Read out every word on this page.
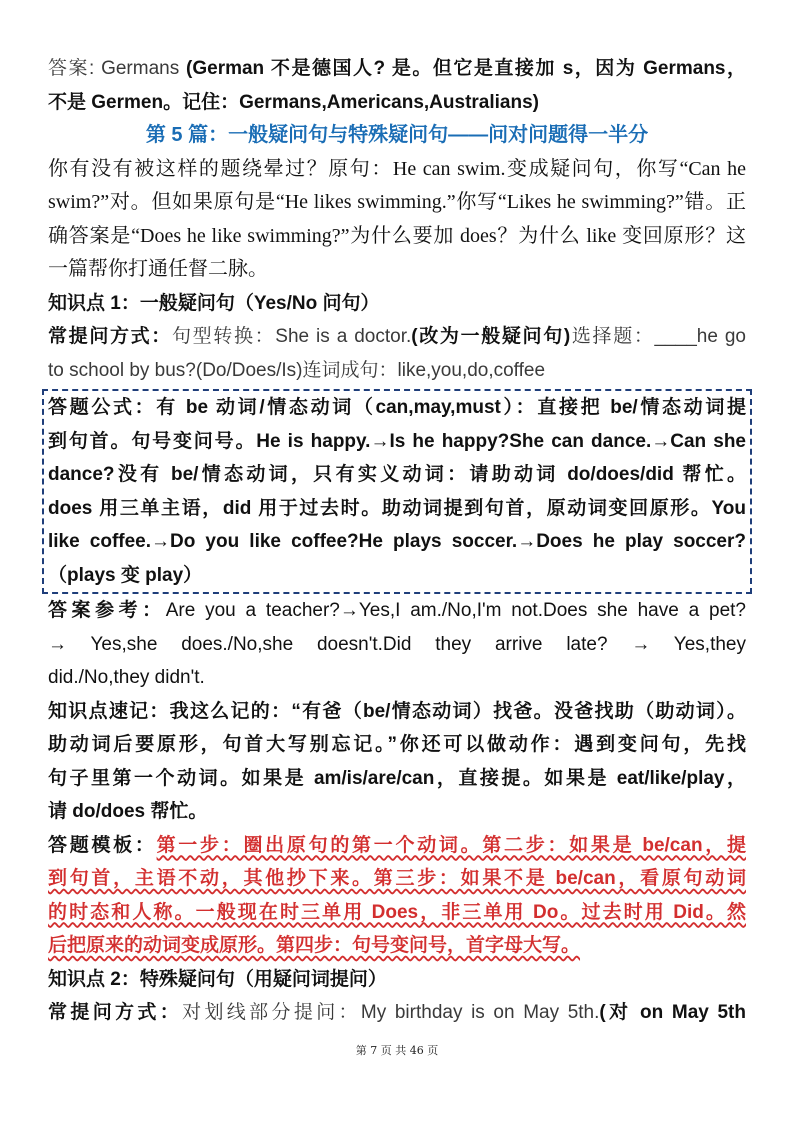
答案: Germans (German 不是德国人? 是。但它是直接加 s，因为 Germans，
不是 Germen。记住：Germans,Americans,Australians)
第 5 篇：一般疑问句与特殊疑问句——问对问题得一半分
你有没有被这样的题绕晕过？原句：He can swim.变成疑问句，你写“Can he
swim?”对。但如果原句是“He likes swimming.”你写“Likes he swimming?”错。正
确答案是“Does he like swimming?”为什么要加 does？为什么 like 变回原形？这
一篇帮你打通任督二脉。
知识点 1：一般疑问句（Yes/No 问句）
常提问方式：句型转换：She is a doctor.(改为一般疑问句)选择题：____he go
to school by bus?(Do/Does/Is)连词成句：like,you,do,coffee
答题公式：有 be 动词/情态动词（can,may,must）：直接把 be/情态动词提
到句首。句号变问号。He is happy.→Is he happy?She can dance.→Can she
dance?没有 be/情态动词，只有实义动词：请助动词 do/does/did 帮忙。
does 用三单主语，did 用于过去时。助动词提到句首，原动词变回原形。You
like coffee.→Do you like coffee?He plays soccer.→Does he play soccer?
（plays 变 play）
答案参考：Are you a teacher?→Yes,I am./No,I'm not.Does she have a pet?
→ Yes,she does./No,she doesn't.Did they arrive late? → Yes,they
did./No,they didn't.
知识点速记：我这么记的：“有爸（be/情态动词）找爸。没爸找助（助动词）。
助动词后要原形，句首大写别忘记。”你还可以做动作：遇到变问句，先找
句子里第一个动词。如果是 am/is/are/can，直接提。如果是 eat/like/play，
请 do/does 帮忙。
答题模板：第一步：圈出原句的第一个动词。第二步：如果是 be/can，提
到句首，主语不动，其他抄下来。第三步：如果不是 be/can，看原句动词
的时态和人称。一般现在时三单用 Does，非三单用 Do。过去时用 Did。然
后把原来的动词变成原形。第四步：句号变问号，首字母大写。
知识点 2：特殊疑问句（用疑问词提问）
常提问方式：对划线部分提问：My birthday is on May 5th.(对 on May 5th
第 7 页 共 46 页
